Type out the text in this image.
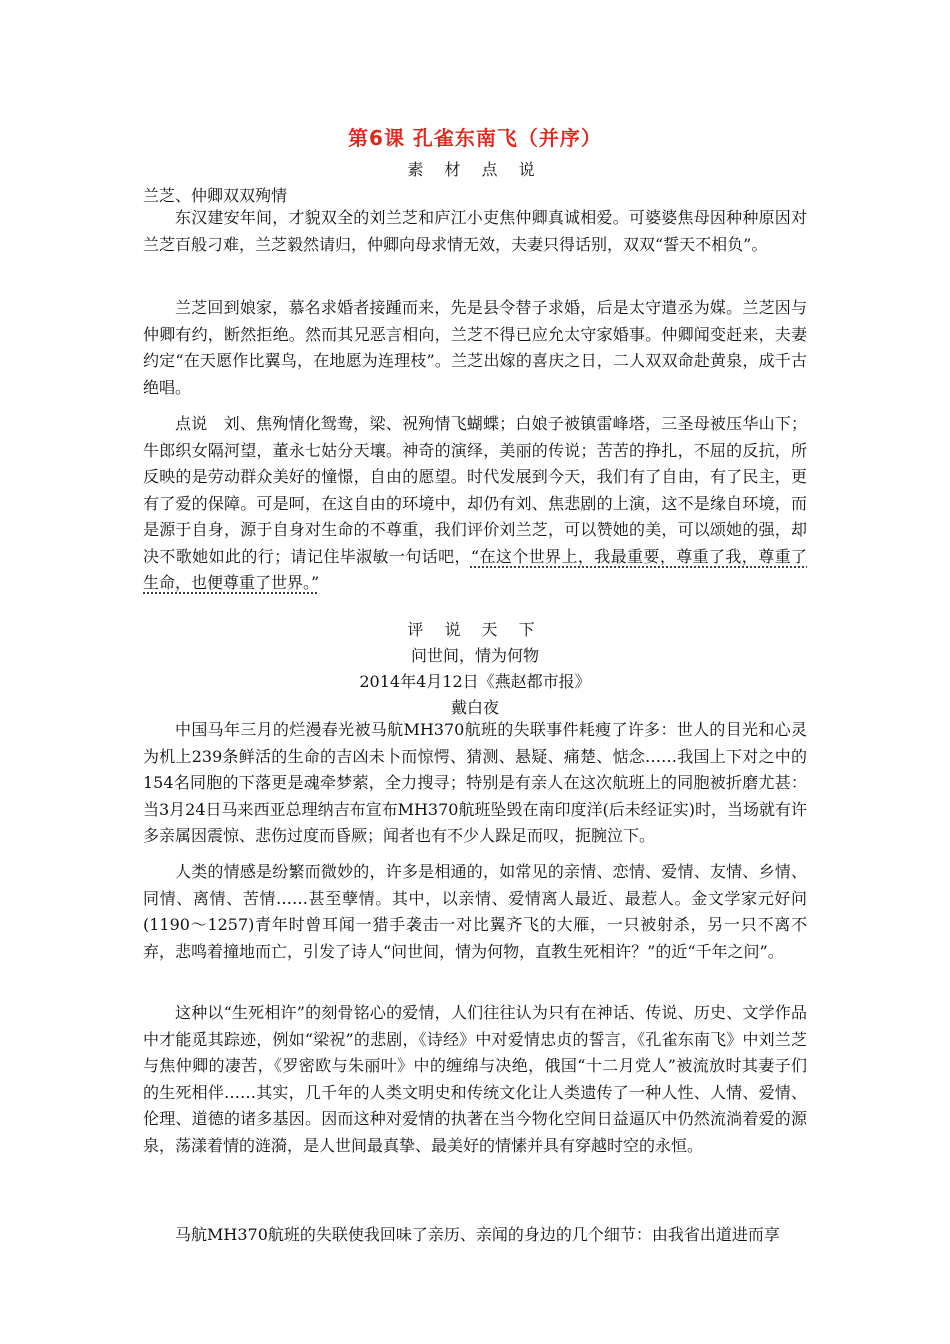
第6课 孔雀东南飞（并序）
素 材 点 说
兰芝、仲卿双双殉情
东汉建安年间，才貌双全的刘兰芝和庐江小吏焦仲卿真诚相爱。可婆婆焦母因种种原因对兰芝百般刁难，兰芝毅然请归，仲卿向母求情无效，夫妻只得话别，双双“誓天不相负”。
兰芝回到娘家，慕名求婚者接踵而来，先是县令替子求婚，后是太守遣丞为媒。兰芝因与仲卿有约，断然拒绝。然而其兄恶言相向，兰芝不得已应允太守家婚事。仲卿闻变赶来，夫妻约定“在天愿作比翼鸟，在地愿为连理枝”。兰芝出嫁的喜庆之日，二人双双命赴黄泉，成千古绝唱。
点说　刘、焦殉情化鸳鸯，梁、祝殉情飞蝴蝶；白娘子被镇雷峰塔，三圣母被压华山下；牛郎织女隔河望，董永七姑分天壤。神奇的演绎，美丽的传说；苦苦的挣扎，不屈的反抗，所反映的是劳动群众美好的憧憬，自由的愿望。时代发展到今天，我们有了自由，有了民主，更有了爱的保障。可是呵，在这自由的环境中，却仍有刘、焦悲剧的上演，这不是缘自环境，而是源于自身，源于自身对生命的不尊重，我们评价刘兰芝，可以赞她的美，可以颂她的强，却决不歌她如此的行；请记住毕淑敏一句话吧，“在这个世界上，我最重要，尊重了我，尊重了生命，也便尊重了世界。”
评 说 天 下
问世间，情为何物
2014年4月12日《燕赵都市报》
戴白夜
中国马年三月的烂漫春光被马航MH370航班的失联事件耗瘦了许多：世人的目光和心灵为机上239条鲜活的生命的吉凶未卜而惊愕、猜测、悬疑、痛楚、惦念……我国上下对之中的154名同胞的下落更是魂牵梦萦，全力搜寻；特别是有亲人在这次航班上的同胞被折磨尤甚：当3月24日马来西亚总理纳吉布宣布MH370航班坠毁在南印度洋(后未经证实)时，当场就有许多亲属因震惊、悲伤过度而昏厥；闻者也有不少人跺足而叹，扼腕泣下。
人类的情感是纷繁而微妙的，许多是相通的，如常见的亲情、恋情、爱情、友情、乡情、同情、离情、苦情……甚至孽情。其中，以亲情、爱情离人最近、最惹人。金文学家元好问(1190～1257)青年时曾耳闻一猎手袭击一对比翼齐飞的大雁，一只被射杀，另一只不离不弃，悲鸣着撞地而亡，引发了诗人“问世间，情为何物，直教生死相许？”的近“千年之问”。
这种以“生死相许”的刻骨铭心的爱情，人们往往认为只有在神话、传说、历史、文学作品中才能觅其踪迹，例如“梁祝”的悲剧，《诗经》中对爱情忠贞的誓言，《孔雀东南飞》中刘兰芝与焦仲卿的凄苦，《罗密欧与朱丽叶》中的缠绵与决绝，俄国“十二月党人”被流放时其妻子们的生死相伴……其实，几千年的人类文明史和传统文化让人类遗传了一种人性、人情、爱情、伦理、道德的诸多基因。因而这种对爱情的执著在当今物化空间日益逼仄中仍然流淌着爱的源泉，荡漾着情的涟漪，是人世间最真挚、最美好的情愫并具有穿越时空的永恒。
马航MH370航班的失联使我回味了亲历、亲闻的身边的几个细节：由我省出道进而享
